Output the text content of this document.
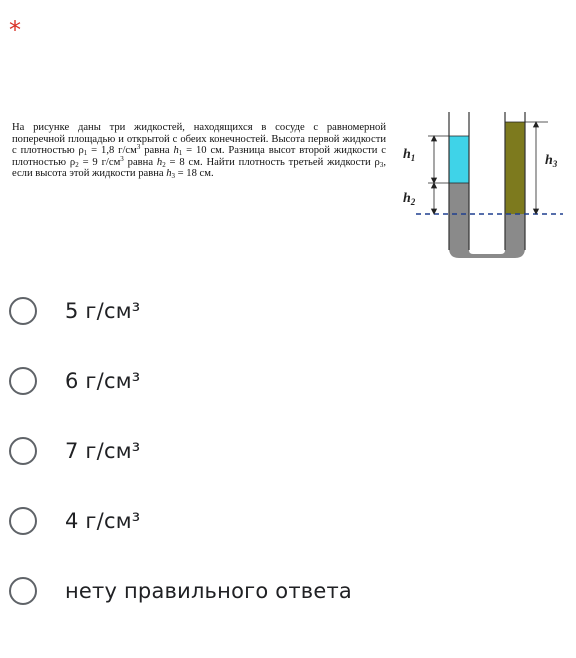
*
На рисунке даны три жидкостей, находящихся в сосуде с равномерной поперечной площадью и открытой с обеих конечностей. Высота первой жидкости с плотностью $\rho_1 = 1,8$ $г/см^3$ равна $h_1 = 10$ см. Разница высот второй жидкости с плотностью $\rho_2 = 9$ $г/см^3$ равна $h_2 = 8$ см. Найти плотность третьей жидкости $\rho_3$, если высота этой жидкости равна $h_3 = 18$ см.
$h_1$
$h_2$
$h_3$
5 г/см³
6 г/см³
7 г/см³
4 г/см³
нету правильного ответа
